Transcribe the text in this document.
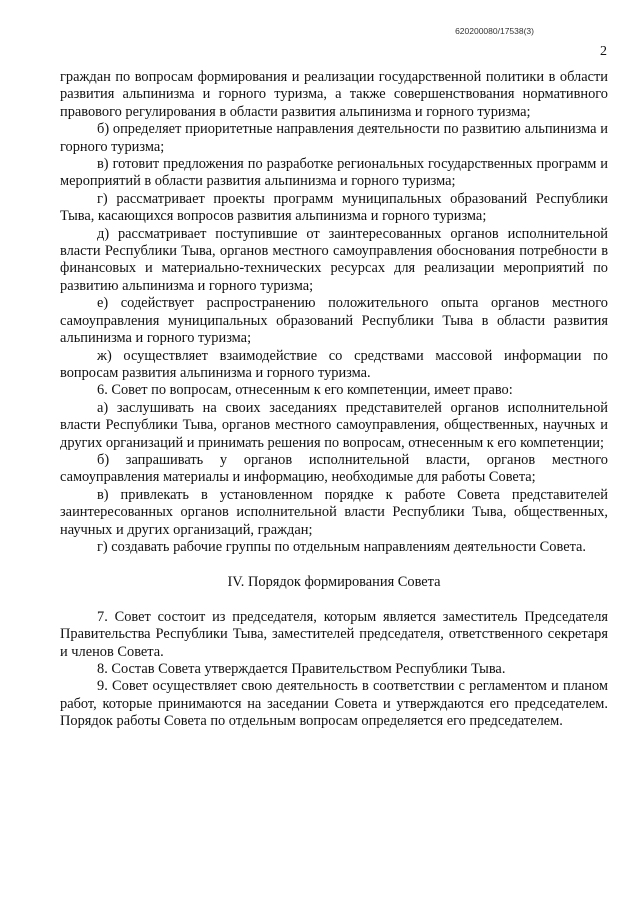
620200080/17538(3)
2

граждан по вопросам формирования и реализации государственной политики в области развития альпинизма и горного туризма, а также совершенствования нормативного правового регулирования в области развития альпинизма и горного туризма;

б) определяет приоритетные направления деятельности по развитию альпинизма и горного туризма;

в) готовит предложения по разработке региональных государственных программ и мероприятий в области развития альпинизма и горного туризма;

г) рассматривает проекты программ муниципальных образований Республики Тыва, касающихся вопросов развития альпинизма и горного туризма;

д) рассматривает поступившие от заинтересованных органов исполнительной власти Республики Тыва, органов местного самоуправления обоснования потребности в финансовых и материально-технических ресурсах для реализации мероприятий по развитию альпинизма и горного туризма;

е) содействует распространению положительного опыта органов местного самоуправления муниципальных образований Республики Тыва в области развития альпинизма и горного туризма;

ж) осуществляет взаимодействие со средствами массовой информации по вопросам развития альпинизма и горного туризма.

6. Совет по вопросам, отнесенным к его компетенции, имеет право:

а) заслушивать на своих заседаниях представителей органов исполнительной власти Республики Тыва, органов местного самоуправления, общественных, научных и других организаций и принимать решения по вопросам, отнесенным к его компетенции;

б) запрашивать у органов исполнительной власти, органов местного самоуправления материалы и информацию, необходимые для работы Совета;

в) привлекать в установленном порядке к работе Совета представителей заинтересованных органов исполнительной власти Республики Тыва, общественных, научных и других организаций, граждан;

г) создавать рабочие группы по отдельным направлениям деятельности Совета.

IV. Порядок формирования Совета

7. Совет состоит из председателя, которым является заместитель Председателя Правительства Республики Тыва, заместителей председателя, ответственного секретаря и членов Совета.

8. Состав Совета утверждается Правительством Республики Тыва.

9. Совет осуществляет свою деятельность в соответствии с регламентом и планом работ, которые принимаются на заседании Совета и утверждаются его председателем. Порядок работы Совета по отдельным вопросам определяется его председателем.
